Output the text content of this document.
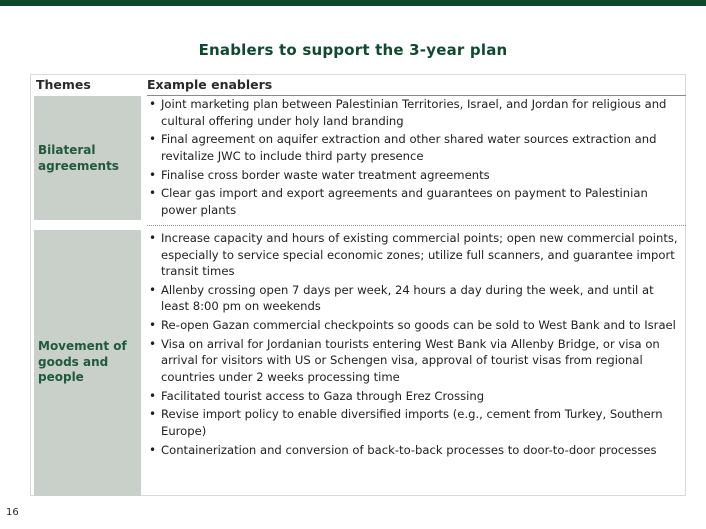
Enablers to support the 3-year plan
Themes	Example enablers
Bilateral agreements
• Joint marketing plan between Palestinian Territories, Israel, and Jordan for religious and cultural offering under holy land branding
• Final agreement on aquifer extraction and other shared water sources extraction and revitalize JWC to include third party presence
• Finalise cross border waste water treatment agreements
• Clear gas import and export agreements and guarantees on payment to Palestinian power plants
Movement of goods and people
• Increase capacity and hours of existing commercial points; open new commercial points, especially to service special economic zones; utilize full scanners, and guarantee import transit times
• Allenby crossing open 7 days per week, 24 hours a day during the week, and until at least 8:00 pm on weekends
• Re-open Gazan commercial checkpoints so goods can be sold to West Bank and to Israel
• Visa on arrival for Jordanian tourists entering West Bank via Allenby Bridge, or visa on arrival for visitors with US or Schengen visa, approval of tourist visas from regional countries under 2 weeks processing time
• Facilitated tourist access to Gaza through Erez Crossing
• Revise import policy to enable diversified imports (e.g., cement from Turkey, Southern Europe)
• Containerization and conversion of back-to-back processes to door-to-door processes
16
